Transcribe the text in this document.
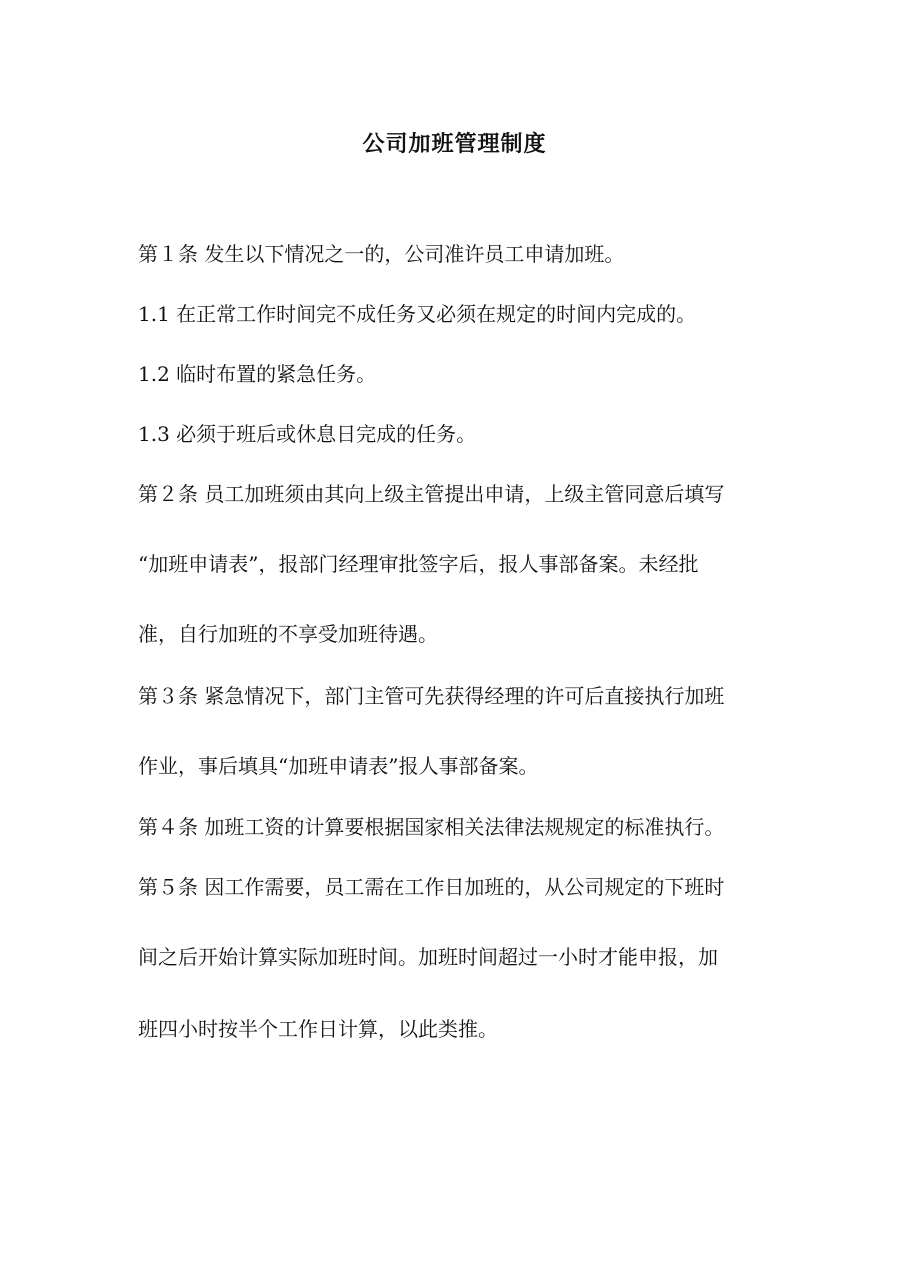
公司加班管理制度

第１条 发生以下情况之一的，公司准许员工申请加班。

1.1 在正常工作时间完不成任务又必须在规定的时间内完成的。

1.2 临时布置的紧急任务。

1.3 必须于班后或休息日完成的任务。

第２条 员工加班须由其向上级主管提出申请，上级主管同意后填写

“加班申请表”，报部门经理审批签字后，报人事部备案。未经批

准，自行加班的不享受加班待遇。

第３条 紧急情况下，部门主管可先获得经理的许可后直接执行加班

作业，事后填具“加班申请表”报人事部备案。

第４条 加班工资的计算要根据国家相关法律法规规定的标准执行。

第５条 因工作需要，员工需在工作日加班的，从公司规定的下班时

间之后开始计算实际加班时间。加班时间超过一小时才能申报，加

班四小时按半个工作日计算，以此类推。
